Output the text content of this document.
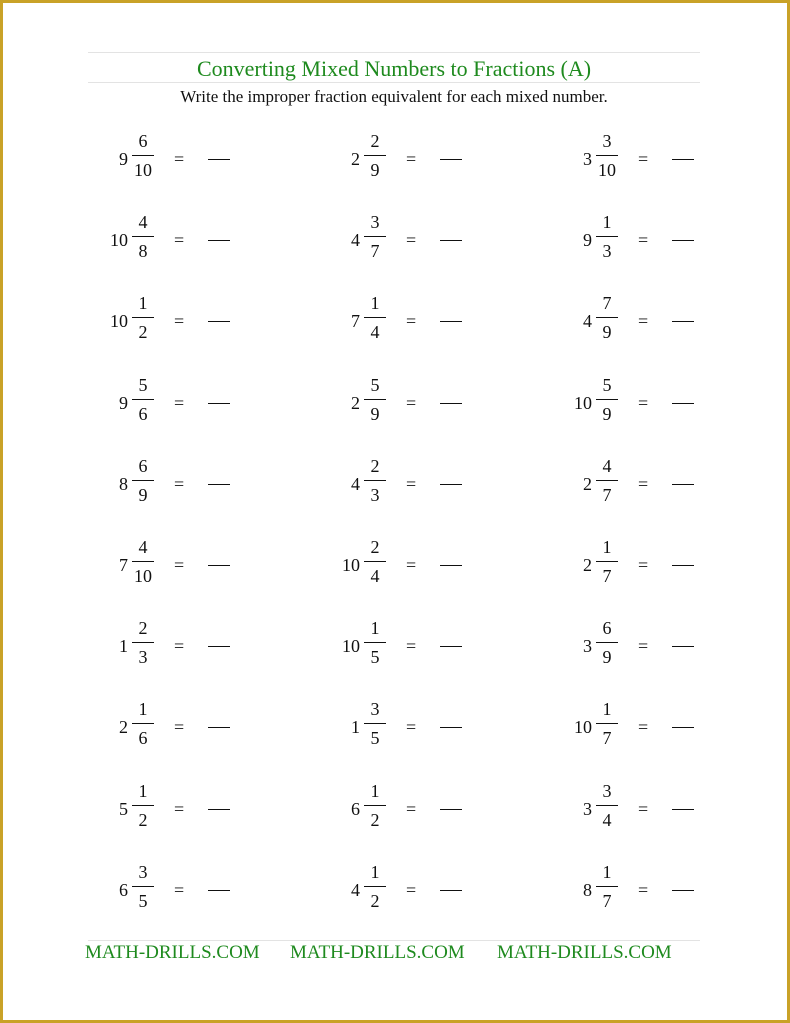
Converting Mixed Numbers to Fractions (A)
Write the improper fraction equivalent for each mixed number.
9
6
10
=
10
4
8
=
10
1
2
=
9
5
6
=
8
6
9
=
7
4
10
=
1
2
3
=
2
1
6
=
5
1
2
=
6
3
5
=
2
2
9
=
4
3
7
=
7
1
4
=
2
5
9
=
4
2
3
=
10
2
4
=
10
1
5
=
1
3
5
=
6
1
2
=
4
1
2
=
3
3
10
=
9
1
3
=
4
7
9
=
10
5
9
=
2
4
7
=
2
1
7
=
3
6
9
=
10
1
7
=
3
3
4
=
8
1
7
=
MATH-DRILLS.COM MATH-DRILLS.COM MATH-DRILLS.COM
